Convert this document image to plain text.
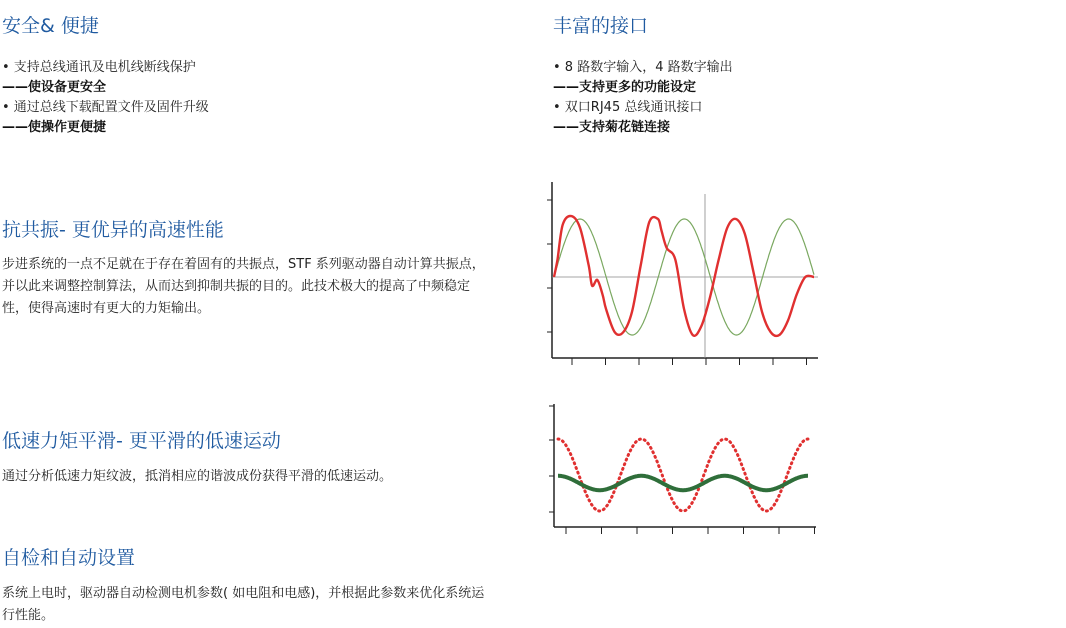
安全& 便捷
• 支持总线通讯及电机线断线保护
——使设备更安全
• 通过总线下载配置文件及固件升级
——使操作更便捷
丰富的接口
• 8 路数字输入，4 路数字输出
——支持更多的功能设定
• 双口RJ45 总线通讯接口
——支持菊花链连接
抗共振- 更优异的高速性能
步进系统的一点不足就在于存在着固有的共振点，STF 系列驱动器自动计算共振点，并以此来调整控制算法，从而达到抑制共振的目的。此技术极大的提高了中频稳定性，使得高速时有更大的力矩输出。
低速力矩平滑- 更平滑的低速运动
通过分析低速力矩纹波，抵消相应的谐波成份获得平滑的低速运动。
自检和自动设置
系统上电时，驱动器自动检测电机参数( 如电阻和电感)，并根据此参数来优化系统运行性能。
